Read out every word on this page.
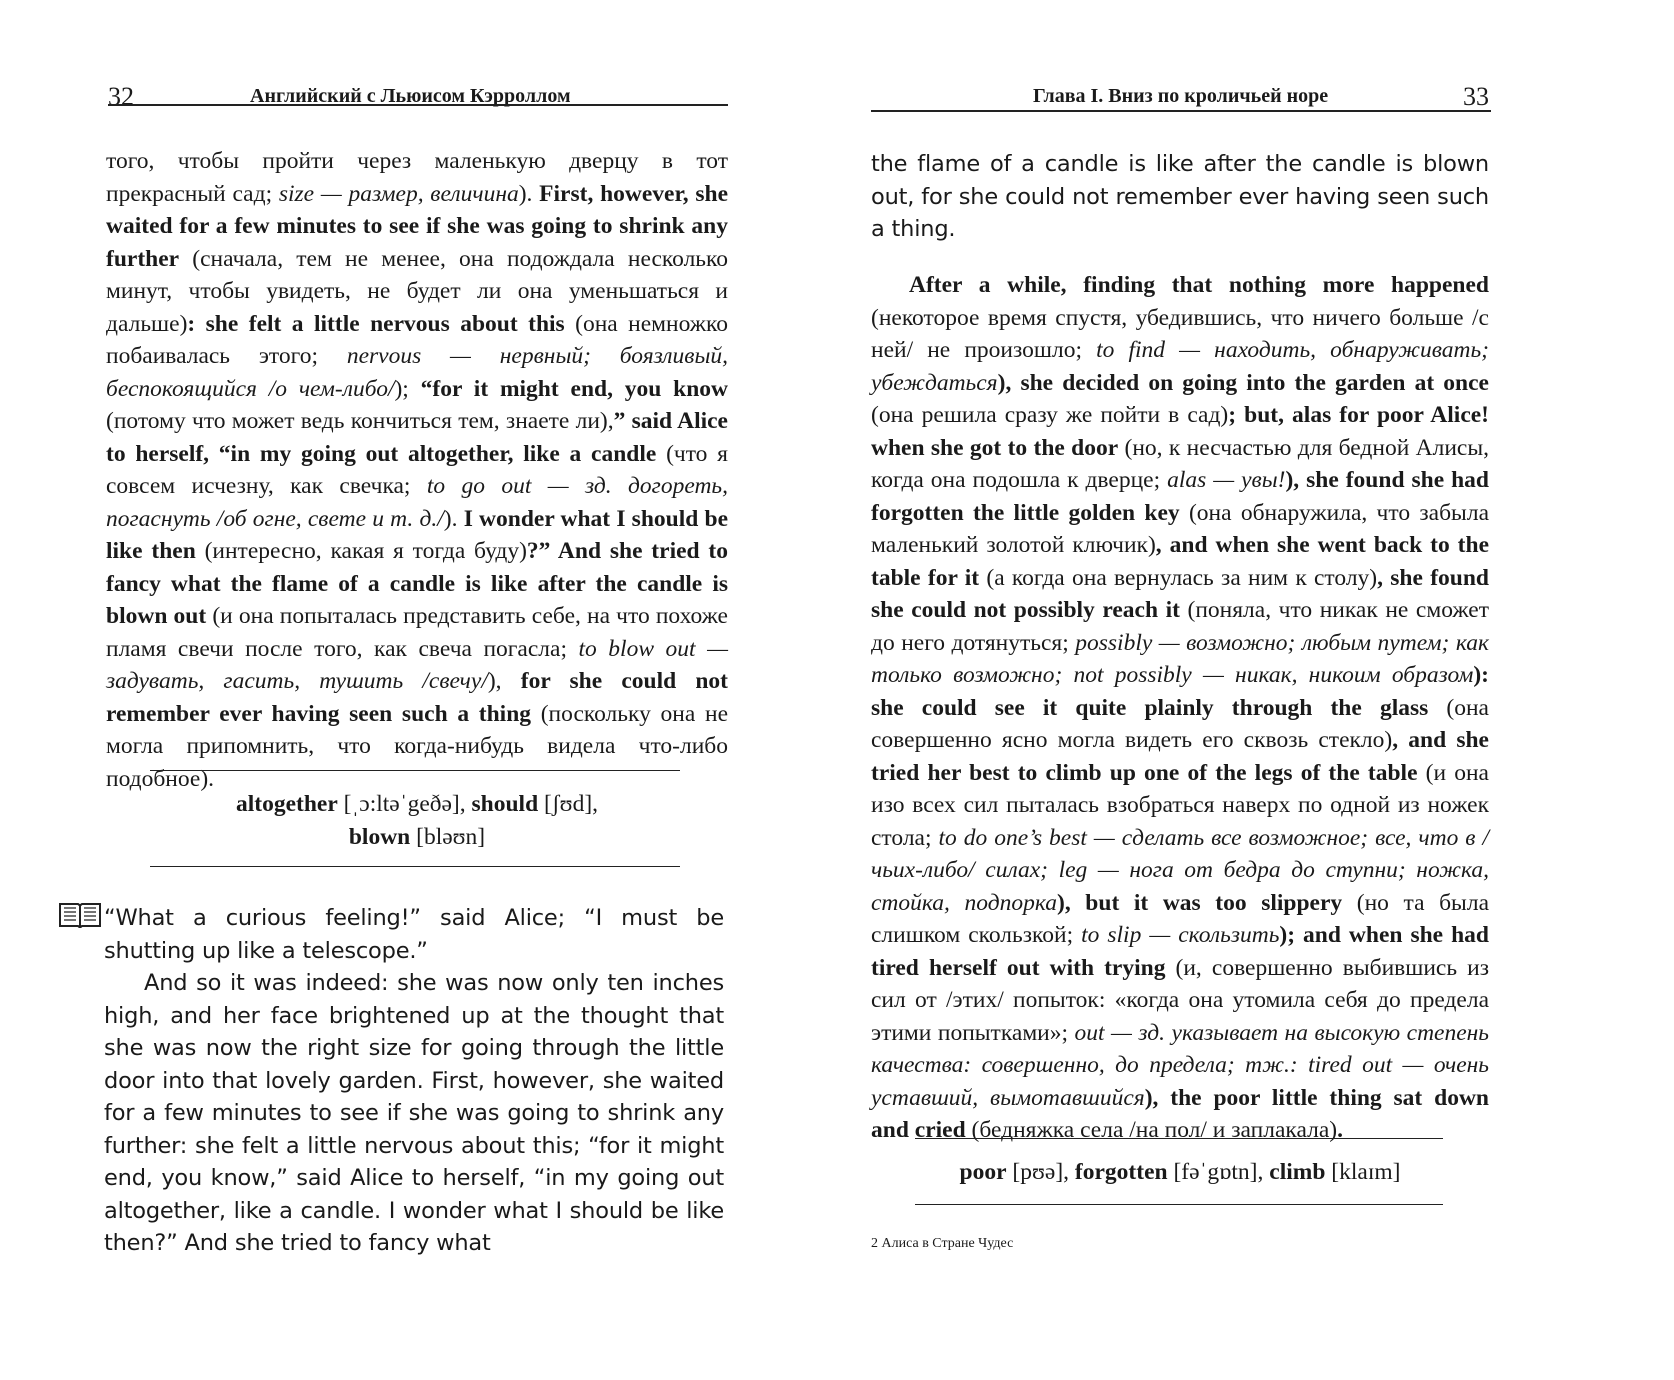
32	Английский с Льюисом Кэрроллом

того, чтобы пройти через маленькую дверцу в тот прекрасный сад; size — размер, величина). First, however, she waited for a few minutes to see if she was going to shrink any further (сначала, тем не менее, она подождала несколько минут, чтобы увидеть, не будет ли она уменьшаться и дальше): she felt a little nervous about this (она немножко побаивалась этого; nervous — нервный; боязливый, беспокоящийся /о чем-либо/); “for it might end, you know (потому что может ведь кончиться тем, знаете ли),” said Alice to herself, “in my going out altogether, like a candle (что я совсем исчезну, как свечка; to go out — зд. догореть, погаснуть /об огне, свете и т. д./). I wonder what I should be like then (интересно, какая я тогда буду)?” And she tried to fancy what the flame of a candle is like after the candle is blown out (и она попыталась представить себе, на что похоже пламя свечи после того, как свеча погасла; to blow out — задувать, гасить, тушить /свечу/), for she could not remember ever having seen such a thing (поскольку она не могла припомнить, что когда-нибудь видела что-либо подобное).

altogether [ˌɔ:ltəˈgeðə], should [ʃʊd],
blown [bləʊn]

“What a curious feeling!” said Alice; “I must be shutting up like a telescope.”

And so it was indeed: she was now only ten inches high, and her face brightened up at the thought that she was now the right size for going through the little door into that lovely garden. First, however, she waited for a few minutes to see if she was going to shrink any further: she felt a little nervous about this; “for it might end, you know,” said Alice to herself, “in my going out altogether, like a candle. I wonder what I should be like then?” And she tried to fancy what

Глава I. Вниз по кроличьей норе	33

the flame of a candle is like after the candle is blown out, for she could not remember ever having seen such a thing.

After a while, finding that nothing more happened (некоторое время спустя, убедившись, что ничего больше /с ней/ не произошло; to find — находить, обнаруживать; убеждаться), she decided on going into the garden at once (она решила сразу же пойти в сад); but, alas for poor Alice! when she got to the door (но, к несчастью для бедной Алисы, когда она подошла к дверце; alas — увы!), she found she had forgotten the little golden key (она обнаружила, что забыла маленький золотой ключик), and when she went back to the table for it (а когда она вернулась за ним к столу), she found she could not possibly reach it (поняла, что никак не сможет до него дотянуться; possibly — возможно; любым путем; как только возможно; not possibly — никак, никоим образом): she could see it quite plainly through the glass (она совершенно ясно могла видеть его сквозь стекло), and she tried her best to climb up one of the legs of the table (и она изо всех сил пыталась взобраться наверх по одной из ножек стола; to do one’s best — сделать все возможное; все, что в /чьих-либо/ силах; leg — нога от бедра до ступни; ножка, стойка, подпорка), but it was too slippery (но та была слишком скользкой; to slip — скользить); and when she had tired herself out with trying (и, совершенно выбившись из сил от /этих/ попыток: «когда она утомила себя до предела этими попытками»; out — зд. указывает на высокую степень качества: совершенно, до предела; тж.: tired out — очень уставший, вымотавшийся), the poor little thing sat down and cried (бедняжка села /на пол/ и заплакала).

poor [pʊə], forgotten [fəˈgɒtn], climb [klaɪm]
2 Алиса в Стране Чудес
